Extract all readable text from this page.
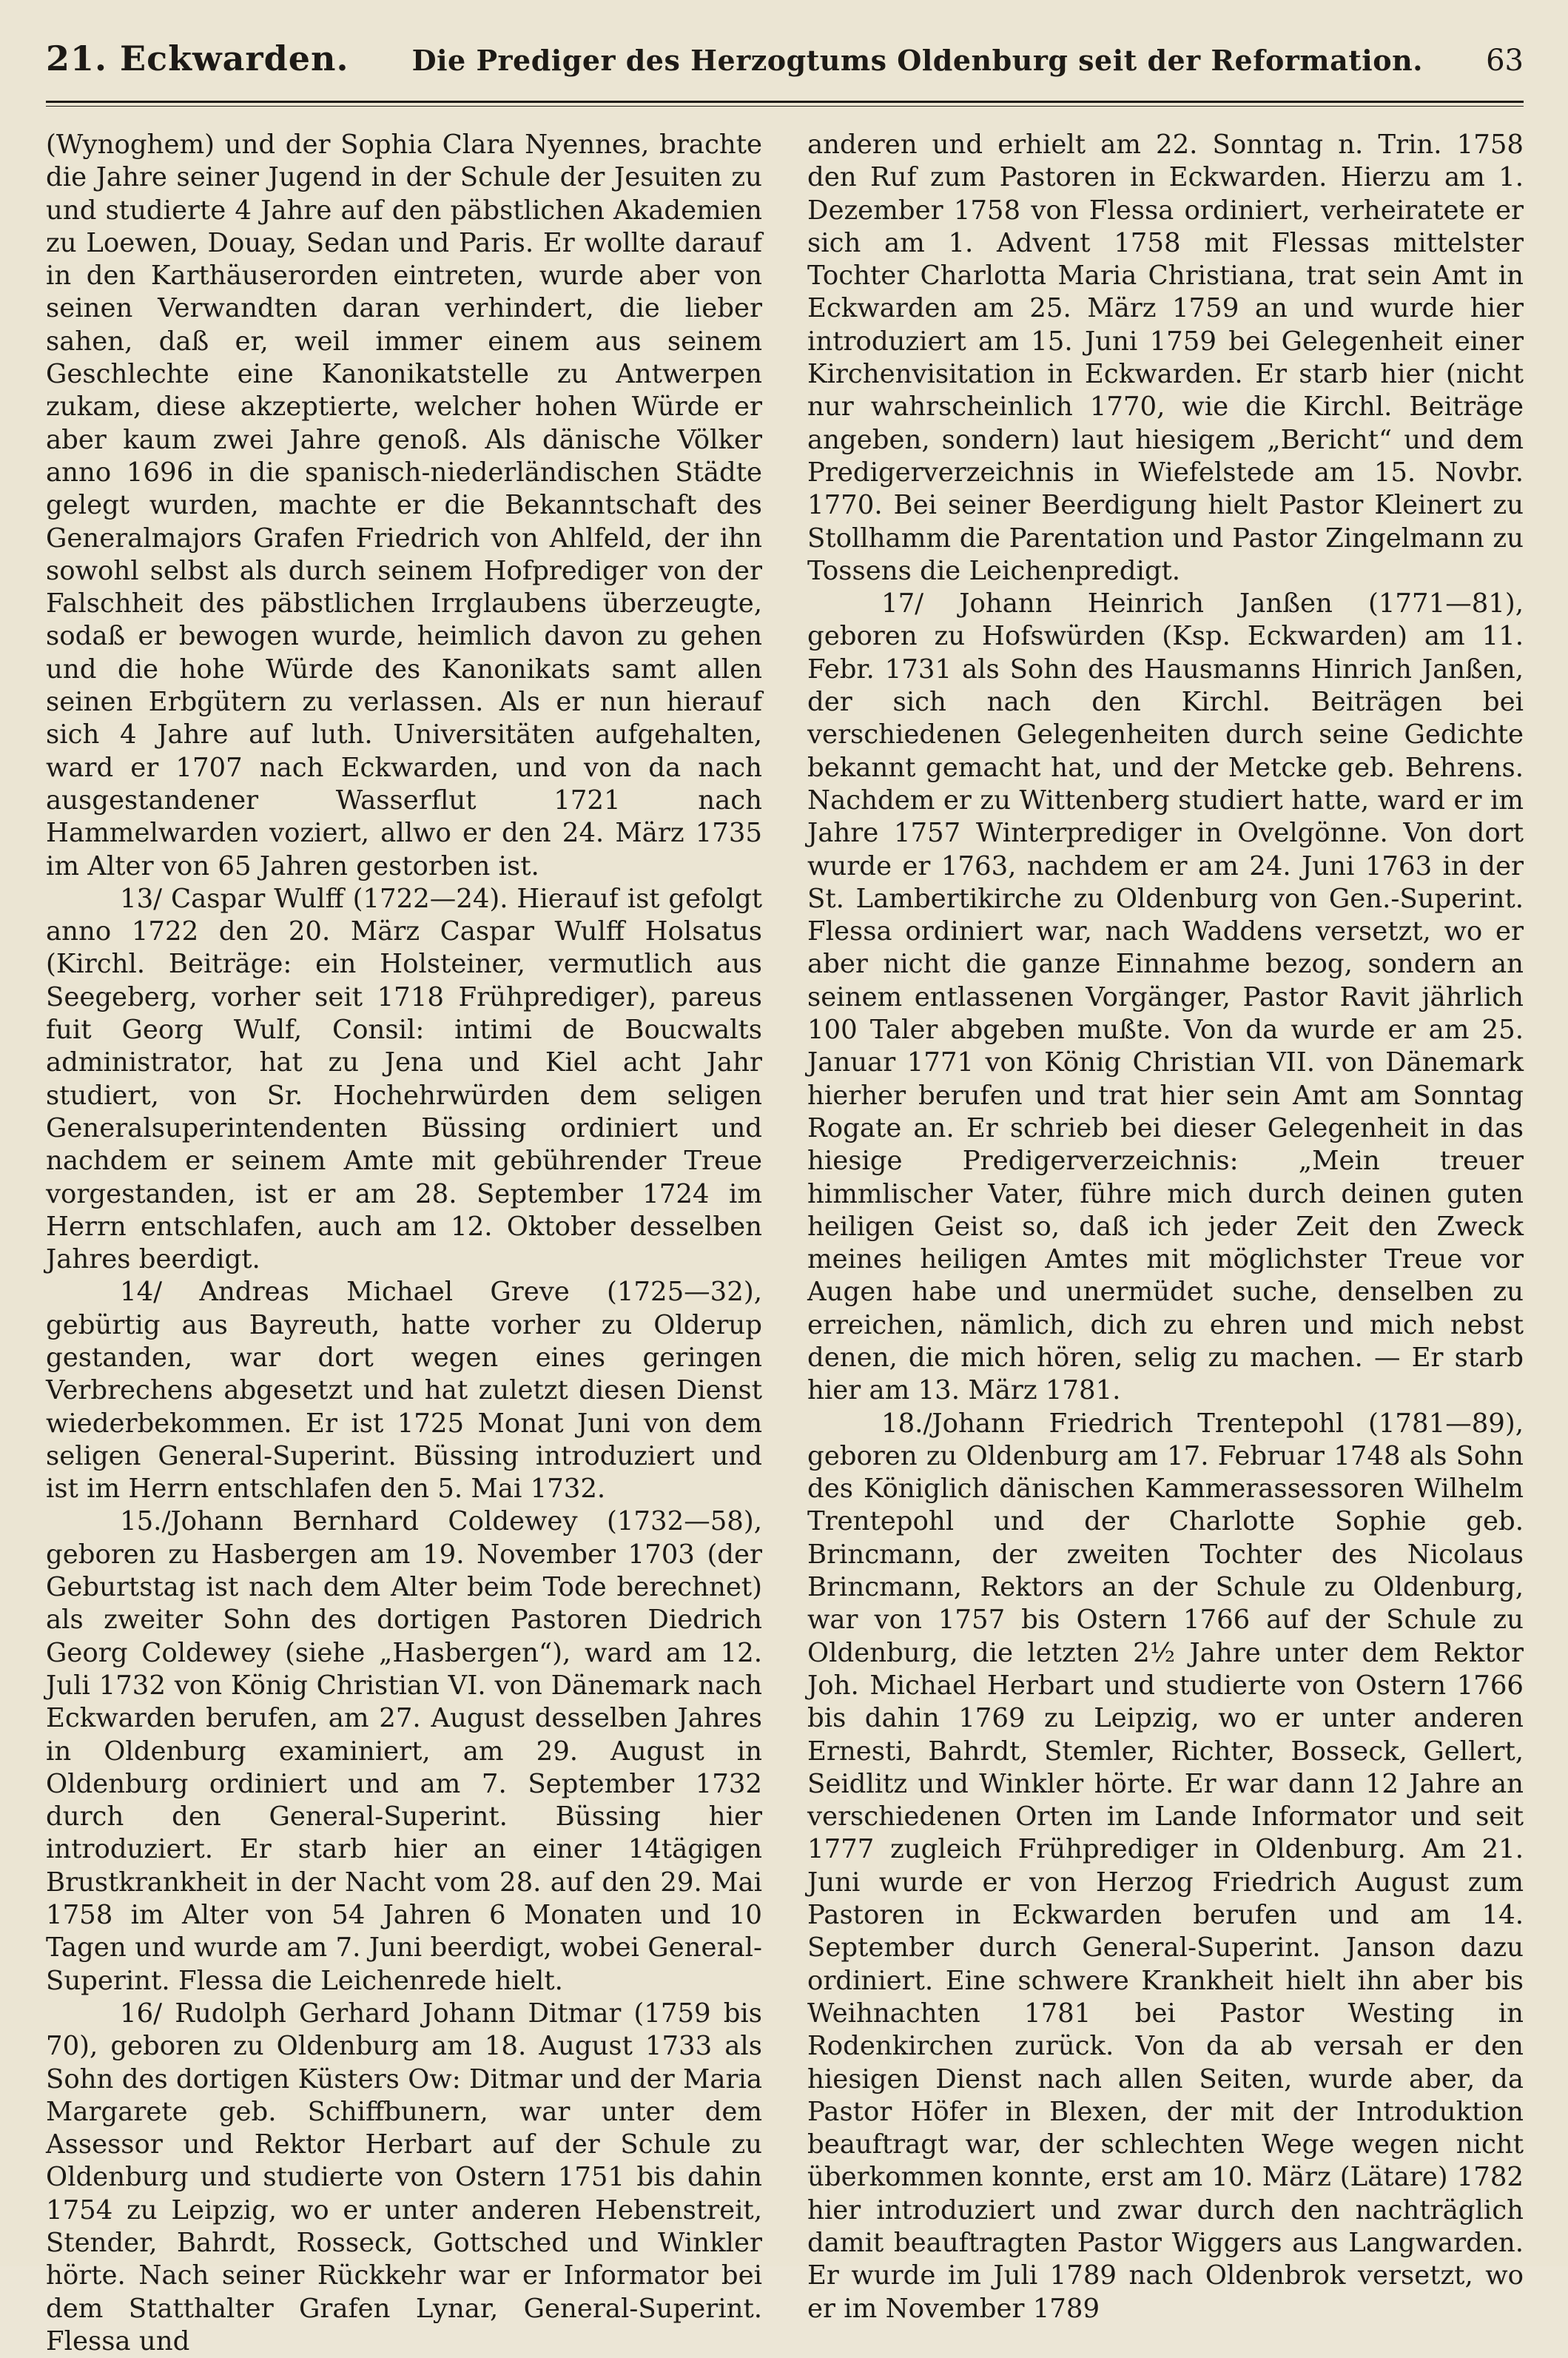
21. Eckwarden. Die Prediger des Herzogtums Oldenburg seit der Reformation. 63

(Wynoghem) und der Sophia Clara Nyennes, brachte die Jahre seiner Jugend in der Schule der Jesuiten zu und studierte 4 Jahre auf den päbstlichen Akademien zu Loewen, Douay, Sedan und Paris. Er wollte darauf in den Karthäuserorden eintreten, wurde aber von seinen Verwandten daran verhindert, die lieber sahen, daß er, weil immer einem aus seinem Geschlechte eine Kanonikatstelle zu Antwerpen zukam, diese akzeptierte, welcher hohen Würde er aber kaum zwei Jahre genoß. Als dänische Völker anno 1696 in die spanisch-niederländischen Städte gelegt wurden, machte er die Bekanntschaft des Generalmajors Grafen Friedrich von Ahlfeld, der ihn sowohl selbst als durch seinem Hofprediger von der Falschheit des päbstlichen Irrglaubens überzeugte, sodaß er bewogen wurde, heimlich davon zu gehen und die hohe Würde des Kanonikats samt allen seinen Erbgütern zu verlassen. Als er nun hierauf sich 4 Jahre auf luth. Universitäten aufgehalten, ward er 1707 nach Eckwarden, und von da nach ausgestandener Wasserflut 1721 nach Hammelwarden voziert, allwo er den 24. März 1735 im Alter von 65 Jahren gestorben ist.

13/ Caspar Wulff (1722—24). Hierauf ist gefolgt anno 1722 den 20. März Caspar Wulff Holsatus (Kirchl. Beiträge: ein Holsteiner, vermutlich aus Seegeberg, vorher seit 1718 Frühprediger), pareus fuit Georg Wulf, Consil: intimi de Boucwalts administrator, hat zu Jena und Kiel acht Jahr studiert, von Sr. Hochehrwürden dem seligen Generalsuperintendenten Büssing ordiniert und nachdem er seinem Amte mit gebührender Treue vorgestanden, ist er am 28. September 1724 im Herrn entschlafen, auch am 12. Oktober desselben Jahres beerdigt.

14/ Andreas Michael Greve (1725—32), gebürtig aus Bayreuth, hatte vorher zu Olderup gestanden, war dort wegen eines geringen Verbrechens abgesetzt und hat zuletzt diesen Dienst wiederbekommen. Er ist 1725 Monat Juni von dem seligen General-Superint. Büssing introduziert und ist im Herrn entschlafen den 5. Mai 1732.

15./Johann Bernhard Coldewey (1732—58), geboren zu Hasbergen am 19. November 1703 (der Geburtstag ist nach dem Alter beim Tode berechnet) als zweiter Sohn des dortigen Pastoren Diedrich Georg Coldewey (siehe „Hasbergen“), ward am 12. Juli 1732 von König Christian VI. von Dänemark nach Eckwarden berufen, am 27. August desselben Jahres in Oldenburg examiniert, am 29. August in Oldenburg ordiniert und am 7. September 1732 durch den General-Superint. Büssing hier introduziert. Er starb hier an einer 14tägigen Brustkrankheit in der Nacht vom 28. auf den 29. Mai 1758 im Alter von 54 Jahren 6 Monaten und 10 Tagen und wurde am 7. Juni beerdigt, wobei General-Superint. Flessa die Leichenrede hielt.

16/ Rudolph Gerhard Johann Ditmar (1759 bis 70), geboren zu Oldenburg am 18. August 1733 als Sohn des dortigen Küsters Ow: Ditmar und der Maria Margarete geb. Schiffbunern, war unter dem Assessor und Rektor Herbart auf der Schule zu Oldenburg und studierte von Ostern 1751 bis dahin 1754 zu Leipzig, wo er unter anderen Hebenstreit, Stender, Bahrdt, Rosseck, Gottsched und Winkler hörte. Nach seiner Rückkehr war er Informator bei dem Statthalter Grafen Lynar, General-Superint. Flessa und

anderen und erhielt am 22. Sonntag n. Trin. 1758 den Ruf zum Pastoren in Eckwarden. Hierzu am 1. Dezember 1758 von Flessa ordiniert, verheiratete er sich am 1. Advent 1758 mit Flessas mittelster Tochter Charlotta Maria Christiana, trat sein Amt in Eckwarden am 25. März 1759 an und wurde hier introduziert am 15. Juni 1759 bei Gelegenheit einer Kirchenvisitation in Eckwarden. Er starb hier (nicht nur wahrscheinlich 1770, wie die Kirchl. Beiträge angeben, sondern) laut hiesigem „Bericht“ und dem Predigerverzeichnis in Wiefelstede am 15. Novbr. 1770. Bei seiner Beerdigung hielt Pastor Kleinert zu Stollhamm die Parentation und Pastor Zingelmann zu Tossens die Leichenpredigt.

17/ Johann Heinrich Janßen (1771—81), geboren zu Hofswürden (Ksp. Eckwarden) am 11. Febr. 1731 als Sohn des Hausmanns Hinrich Janßen, der sich nach den Kirchl. Beiträgen bei verschiedenen Gelegenheiten durch seine Gedichte bekannt gemacht hat, und der Metcke geb. Behrens. Nachdem er zu Wittenberg studiert hatte, ward er im Jahre 1757 Winterprediger in Ovelgönne. Von dort wurde er 1763, nachdem er am 24. Juni 1763 in der St. Lambertikirche zu Oldenburg von Gen.-Superint. Flessa ordiniert war, nach Waddens versetzt, wo er aber nicht die ganze Einnahme bezog, sondern an seinem entlassenen Vorgänger, Pastor Ravit jährlich 100 Taler abgeben mußte. Von da wurde er am 25. Januar 1771 von König Christian VII. von Dänemark hierher berufen und trat hier sein Amt am Sonntag Rogate an. Er schrieb bei dieser Gelegenheit in das hiesige Predigerverzeichnis: „Mein treuer himmlischer Vater, führe mich durch deinen guten heiligen Geist so, daß ich jeder Zeit den Zweck meines heiligen Amtes mit möglichster Treue vor Augen habe und unermüdet suche, denselben zu erreichen, nämlich, dich zu ehren und mich nebst denen, die mich hören, selig zu machen. — Er starb hier am 13. März 1781.

18./Johann Friedrich Trentepohl (1781—89), geboren zu Oldenburg am 17. Februar 1748 als Sohn des Königlich dänischen Kammerassessoren Wilhelm Trentepohl und der Charlotte Sophie geb. Brincmann, der zweiten Tochter des Nicolaus Brincmann, Rektors an der Schule zu Oldenburg, war von 1757 bis Ostern 1766 auf der Schule zu Oldenburg, die letzten 2½ Jahre unter dem Rektor Joh. Michael Herbart und studierte von Ostern 1766 bis dahin 1769 zu Leipzig, wo er unter anderen Ernesti, Bahrdt, Stemler, Richter, Bosseck, Gellert, Seidlitz und Winkler hörte. Er war dann 12 Jahre an verschiedenen Orten im Lande Informator und seit 1777 zugleich Frühprediger in Oldenburg. Am 21. Juni wurde er von Herzog Friedrich August zum Pastoren in Eckwarden berufen und am 14. September durch General-Superint. Janson dazu ordiniert. Eine schwere Krankheit hielt ihn aber bis Weihnachten 1781 bei Pastor Westing in Rodenkirchen zurück. Von da ab versah er den hiesigen Dienst nach allen Seiten, wurde aber, da Pastor Höfer in Blexen, der mit der Introduktion beauftragt war, der schlechten Wege wegen nicht überkommen konnte, erst am 10. März (Lätare) 1782 hier introduziert und zwar durch den nachträglich damit beauftragten Pastor Wiggers aus Langwarden. Er wurde im Juli 1789 nach Oldenbrok versetzt, wo er im November 1789
